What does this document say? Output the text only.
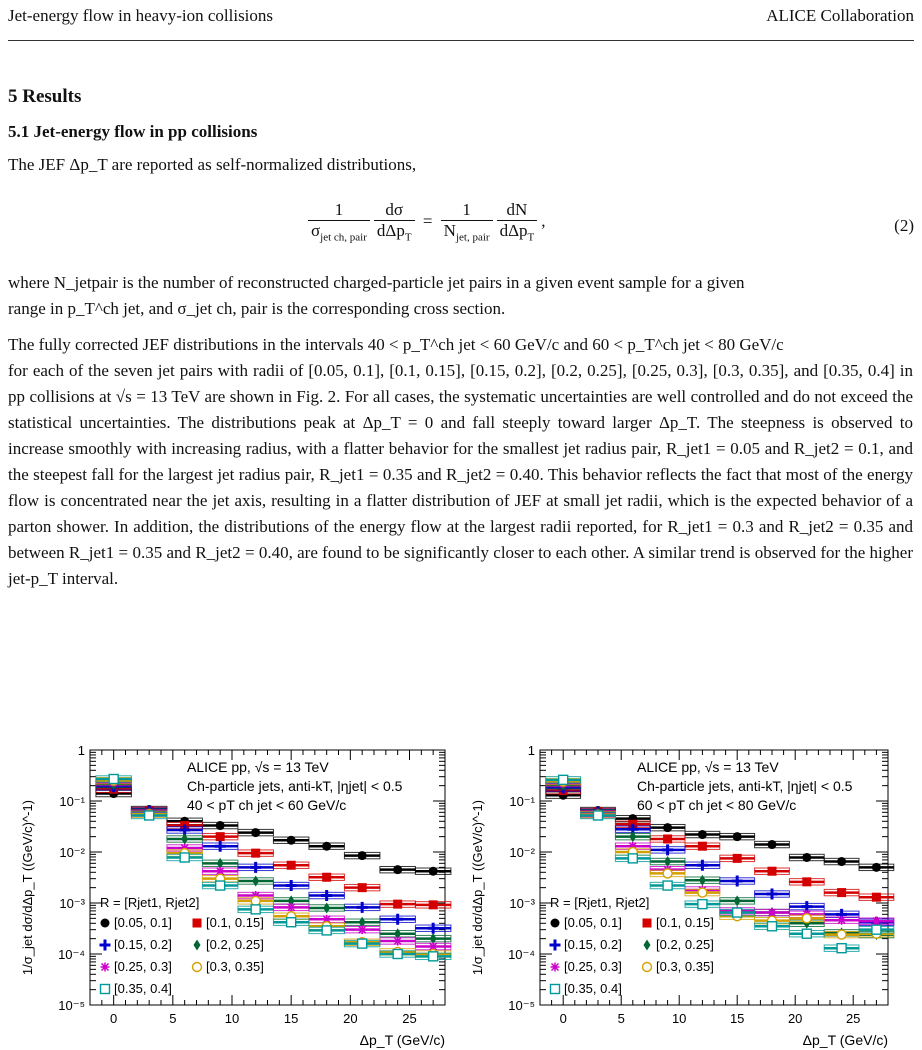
Jet-energy flow in heavy-ion collisions	ALICE Collaboration
5 Results
5.1 Jet-energy flow in pp collisions
The JEF Δp_T are reported as self-normalized distributions,
$\frac{1}{\sigma_{jet ch, pair}}$
$\frac{d\sigma}{d\Delta p_T} = \frac{1}{N_{jet, pair}}$
$\frac{dN}{d\Delta p_T}$ ,	(2)
where N_jetpair is the number of reconstructed charged-particle jet pairs in a given event sample for a given
range in p_T^ch jet, and σ_jet ch, pair is the corresponding cross section.
The fully corrected JEF distributions in the intervals 40 < p_T^ch jet < 60 GeV/c and 60 < p_T^ch jet < 80 GeV/c
for each of the seven jet pairs with radii of [0.05, 0.1], [0.1, 0.15], [0.15, 0.2], [0.2, 0.25], [0.25, 0.3], [0.3, 0.35], and [0.35, 0.4] in pp collisions at √s = 13 TeV are shown in Fig. 2. For all cases, the systematic uncertainties are well controlled and do not exceed the statistical uncertainties. The distributions peak at Δp_T = 0 and fall steeply toward larger Δp_T. The steepness is observed to increase smoothly with increasing radius, with a flatter behavior for the smallest jet radius pair, R_jet1 = 0.05 and R_jet2 = 0.1, and the steepest fall for the largest jet radius pair, R_jet1 = 0.35 and R_jet2 = 0.40. This behavior reflects the fact that most of the energy flow is concentrated near the jet axis, resulting in a flatter distribution of JEF at small jet radii, which is the expected behavior of a parton shower. In addition, the distributions of the energy flow at the largest radii reported, for R_jet1 = 0.3 and R_jet2 = 0.35 and between R_jet1 = 0.35 and R_jet2 = 0.40, are found to be significantly closer to each other. A similar trend is observed for the higher jet-p_T interval.
0	5	10	15	20	25
10⁻⁵
10⁻⁴
10⁻³
10⁻²
10⁻¹
1
Δp_T (GeV/c)
1/σ_jet dσ/dΔp_T ((GeV/c)^-1)
ALICE pp, √s = 13 TeV
Ch-particle jets, anti-kT, |ηjet| < 0.5
40 < pT ch jet < 60 GeV/c
R = [Rjet1, Rjet2]
[0.05, 0.1]	[0.1, 0.15]
[0.15, 0.2]	[0.2, 0.25]
[0.25, 0.3]	[0.3, 0.35]
[0.35, 0.4]
0	5	10	15	20	25
10⁻⁵
10⁻⁴
10⁻³
10⁻²
10⁻¹
1
Δp_T (GeV/c)
1/σ_jet dσ/dΔp_T ((GeV/c)^-1)
ALICE pp, √s = 13 TeV
Ch-particle jets, anti-kT, |ηjet| < 0.5
60 < pT ch jet < 80 GeV/c
R = [Rjet1, Rjet2]
[0.05, 0.1]	[0.1, 0.15]
[0.15, 0.2]	[0.2, 0.25]
[0.25, 0.3]	[0.3, 0.35]
[0.35, 0.4]
